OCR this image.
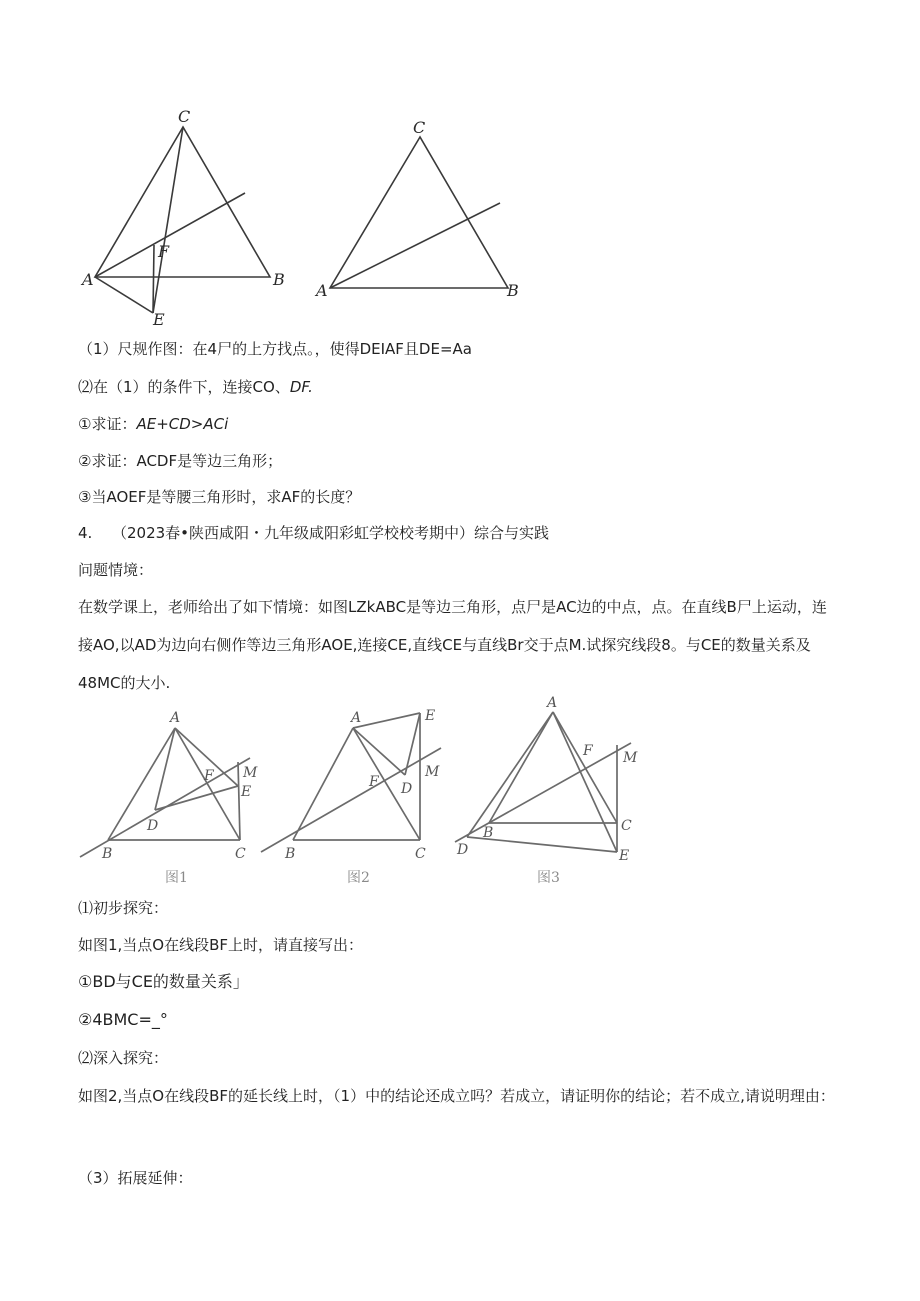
C
A	B
F
E
C
A	B
（1）尺规作图：在4尸的上方找点。，使得DEIAF且DE=Aa
⑵在（1）的条件下，连接CO、DF.
①求证：AE+CD>ACi
②求证：ACDF是等边三角形；
③当AOEF是等腰三角形时，求AF的长度？
4. （2023春•陕西咸阳・九年级咸阳彩虹学校校考期中）综合与实践
问题情境：
在数学课上，老师给出了如下情境：如图LZkABC是等边三角形，点尸是AC边的中点，点。在直线B尸上运动，连接AO,以AD为边向右侧作等边三角形AOE,连接CE,直线CE与直线Br交于点M.试探究线段8。与CE的数量关系及48MC的大小.
A
B	C
D
E
F M
图1
A	E
M
F D
B	C
图2
A
F M
B	C
D	E
图3
⑴初步探究：
如图1,当点O在线段BF上时，请直接写出：
①BD与CE的数量关系」
②4BMC=_°
⑵深入探究：
如图2,当点O在线段BF的延长线上时，（1）中的结论还成立吗？若成立，请证明你的结论；若不成立,请说明理由：
（3）拓展延伸：
